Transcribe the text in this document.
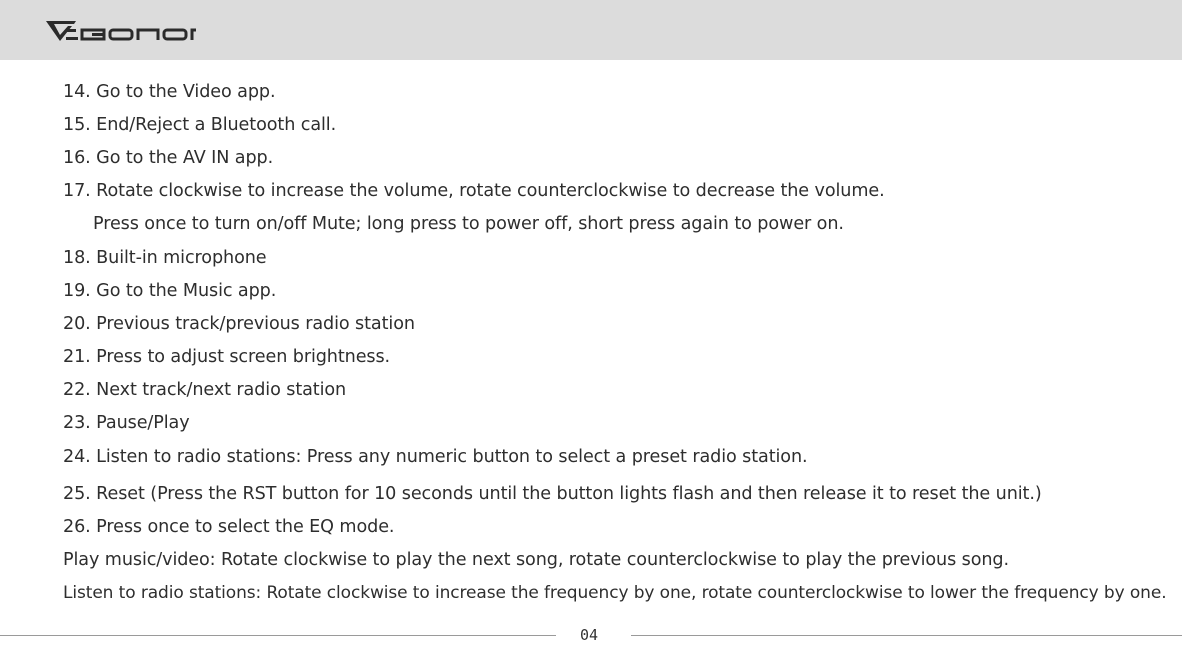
14. Go to the Video app.
15. End/Reject a Bluetooth call.
16. Go to the AV IN app.
17. Rotate clockwise to increase the volume, rotate counterclockwise to decrease the volume.
Press once to turn on/off Mute; long press to power off, short press again to power on.
18. Built-in microphone
19. Go to the Music app.
20. Previous track/previous radio station
21. Press to adjust screen brightness.
22. Next track/next radio station
23. Pause/Play
24. Listen to radio stations: Press any numeric button to select a preset radio station.
25. Reset (Press the RST button for 10 seconds until the button lights flash and then release it to reset the unit.)
26. Press once to select the EQ mode.
Play music/video: Rotate clockwise to play the next song, rotate counterclockwise to play the previous song.
Listen to radio stations: Rotate clockwise to increase the frequency by one, rotate counterclockwise to lower the frequency by one.
04
